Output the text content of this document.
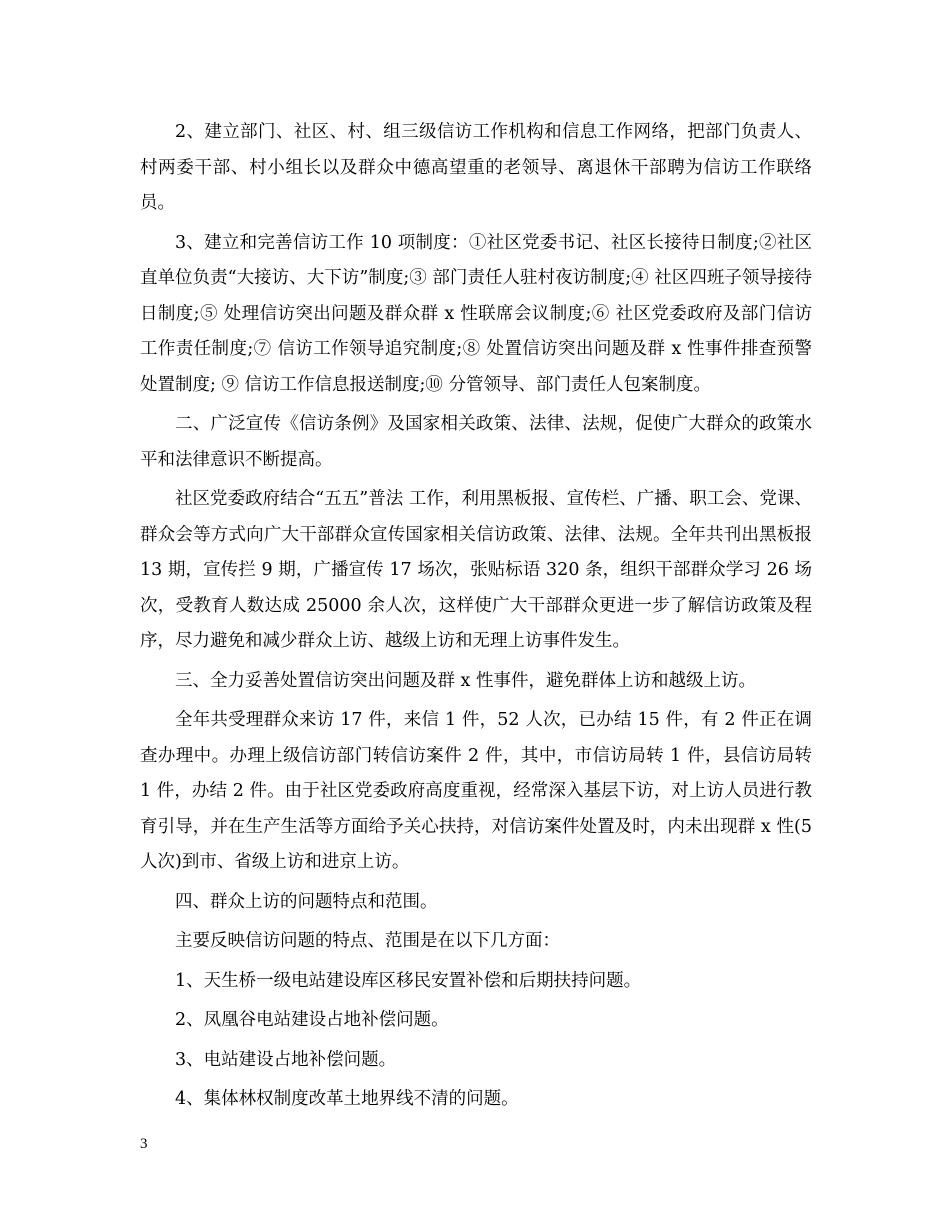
2、建立部门、社区、村、组三级信访工作机构和信息工作网络，把部门负责人、村两委干部、村小组长以及群众中德高望重的老领导、离退休干部聘为信访工作联络员。

3、建立和完善信访工作 10 项制度：①社区党委书记、社区长接待日制度;②社区直单位负责“大接访、大下访”制度;③ 部门责任人驻村夜访制度;④ 社区四班子领导接待日制度;⑤ 处理信访突出问题及群众群 x 性联席会议制度;⑥ 社区党委政府及部门信访工作责任制度;⑦ 信访工作领导追究制度;⑧ 处置信访突出问题及群 x 性事件排查预警处置制度; ⑨ 信访工作信息报送制度;⑩ 分管领导、部门责任人包案制度。

二、广泛宣传《信访条例》及国家相关政策、法律、法规，促使广大群众的政策水平和法律意识不断提高。

社区党委政府结合“五五”普法 工作，利用黑板报、宣传栏、广播、职工会、党课、群众会等方式向广大干部群众宣传国家相关信访政策、法律、法规。全年共刊出黑板报 13 期，宣传拦 9 期，广播宣传 17 场次，张贴标语 320 条，组织干部群众学习 26 场次，受教育人数达成 25000 余人次，这样使广大干部群众更进一步了解信访政策及程序，尽力避免和减少群众上访、越级上访和无理上访事件发生。

三、全力妥善处置信访突出问题及群 x 性事件，避免群体上访和越级上访。

全年共受理群众来访 17 件，来信 1 件，52 人次，已办结 15 件，有 2 件正在调查办理中。办理上级信访部门转信访案件 2 件，其中，市信访局转 1 件，县信访局转 1 件，办结 2 件。由于社区党委政府高度重视，经常深入基层下访，对上访人员进行教育引导，并在生产生活等方面给予关心扶持，对信访案件处置及时，内未出现群 x 性(5 人次)到市、省级上访和进京上访。

四、群众上访的问题特点和范围。

主要反映信访问题的特点、范围是在以下几方面：

1、天生桥一级电站建设库区移民安置补偿和后期扶持问题。

2、凤凰谷电站建设占地补偿问题。

3、电站建设占地补偿问题。

4、集体林权制度改革土地界线不清的问题。

3
